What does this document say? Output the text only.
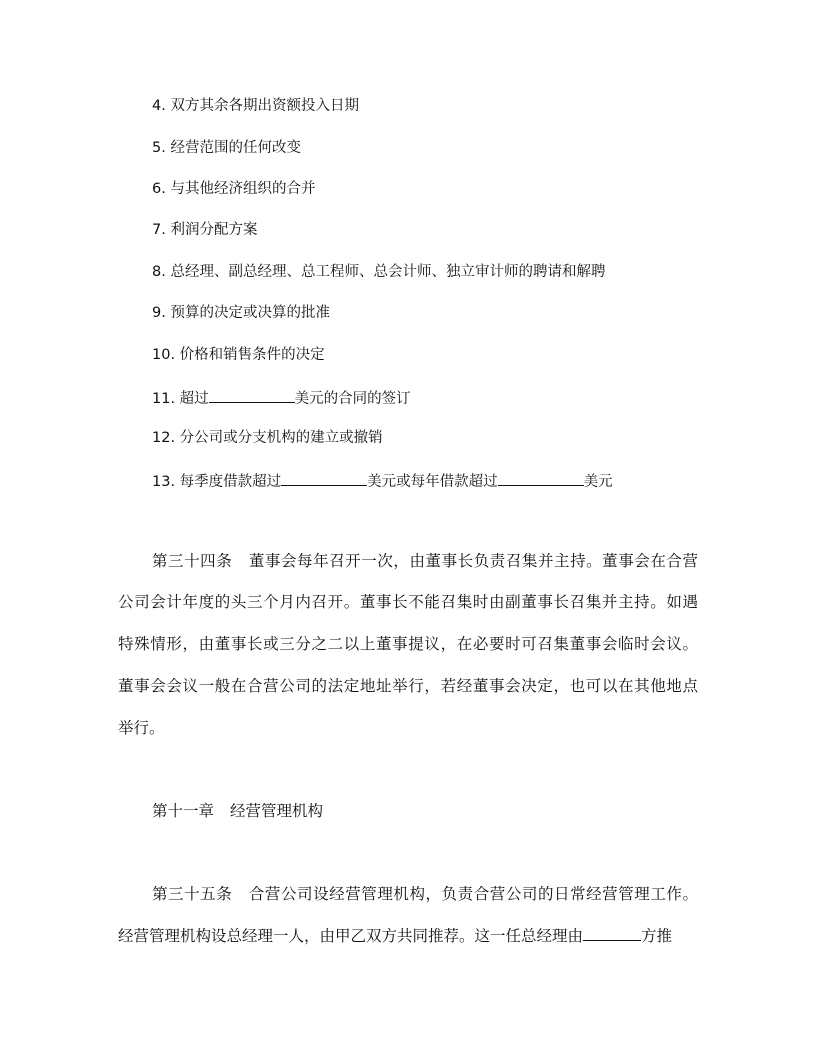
4. 双方其余各期出资额投入日期
5. 经营范围的任何改变
6. 与其他经济组织的合并
7. 利润分配方案
8. 总经理、副总经理、总工程师、总会计师、独立审计师的聘请和解聘
9. 预算的决定或决算的批准
10. 价格和销售条件的决定
11. 超过	美元的合同的签订
12. 分公司或分支机构的建立或撤销
13. 每季度借款超过	美元或每年借款超过	美元
第三十四条 董事会每年召开一次，由董事长负责召集并主持。董事会在合营
公司会计年度的头三个月内召开。董事长不能召集时由副董事长召集并主持。如遇
特殊情形，由董事长或三分之二以上董事提议，在必要时可召集董事会临时会议。
董事会会议一般在合营公司的法定地址举行，若经董事会决定，也可以在其他地点
举行。
第十一章 经营管理机构
第三十五条 合营公司设经营管理机构，负责合营公司的日常经营管理工作。
经营管理机构设总经理一人，由甲乙双方共同推荐。这一任总经理由	方推
